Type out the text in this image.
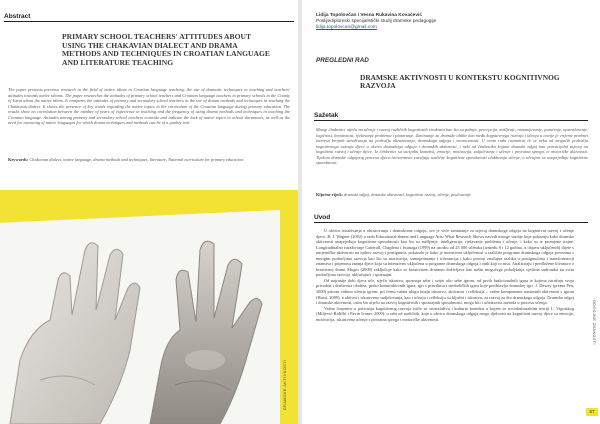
Abstract
PRIMARY SCHOOL TEACHERS' ATTITUDES ABOUT USING THE CHAKAVIAN DIALECT AND DRAMA METHODS AND TECHNIQUES IN CROATIAN LANGUAGE AND LITERATURE TEACHING
The paper presents previous research in the field of native idiom in Croatian language teaching, the use of dramatic techniques in teaching and teachers' attitudes towards native idioms. The paper researches the attitudes of primary school teachers and Croatian language teachers in primary schools in the County of Istria about the native idiom. It compares the attitudes of primary and secondary school teachers in the use of drama methods and techniques in teaching the Chakavian dialect. It shows the presence of key words regarding the native topics in the curriculum of the Croatian language during primary education. The results show no correlation between the number of years of experience in teaching and the frequency of using drama methods and techniques in teaching the Croatian language. Attitudes among primary and secondary school teachers coincide and indicate the lack of native topics in school documents, as well as the need for nurturing of native languages for which drama techniques and methods can be of a quality tool.
Keywords: Chakavian dialect, native language, drama methods and techniques, literature, National curriculum for primary education
DRAMSKE AKTIVNOSTI
Lidija Topolovčan i Vesna Rukavina Kovačević
Poslijediplomski specijalistički studij dramske pedagogije
lidija.topolovcan@gmail.com
PREGLEDNI RAD
DRAMSKE AKTIVNOSTI U KONTEKSTU KOGNITIVNOG RAZVOJA
Sažetak
Mnogi čimbenici utječu na učenje i razvoj različitih kognitivnih struktura kao što su pažnja, percepcija, mišljenje, razumijevanje, pamćenje, apstrahiranje, logičnost, kreativnost, rješavanje problema i planiranje. Zanimanje za dramske oblike kao među kognitivnoga razvoja i učenja u novije je vrijeme predmet interesa brojnih istraživanja na području obrazovanja, dramskoga odgoja i neurocznosti. U ovom radu razmatrat će se neka od mogućih područja kognitivnoga razvoja djece u okviru dramskoga odgoja i dramskih aktivnosti, i neki od čimbenika kojima dramski odgoj ima potencijalni utjecaj na kognitivni razvoj i učenje djece. Iz čimbenici su socijalni kontekst, emocije, motivacija, zaljučivanje i učenje i povratna sprega, te motoričke aktivnosti. Tijekom dramske odgojnog procesa djeca istovremeno razvijaju različite kognitivne sposobnosti olakšavaju učenje, a učenjem se unaprjeđuju kognitivne sposobnosti.
Ključne riječi: dramski odgoj, dramske aktivnosti, kognitivni razvoj, učenje, poučavanje
Uvod

U okviru istraživanja u obrazovanju i dramskome odgoju, sve je veće zanimanje za utjecaj dramskoga odgoja na kognitivni razvoj i učenje djece. B. J. Wagner (2002) u radu Educational drama and Language Arts: What Research Shows navodi mnoge studije koje pokazuju kako dramske aktivnosti unaprjeđuju kognitivne sposobnosti kao što su mišljenje, inteligencija, rješavanje problema i učenje, i kako su te promjene trajne. Longitudinalno istraživanje Catterall, Chapleau i Iwanaga (1999) na uzorku od 25 000 učenika (između 8 i 12 godina, u objavu uključenih) dijete s umjetničke aktivnosti na njihov razvoj i postignuća, pokazalo je kako je intenzivna uključenost u različite programe dramskoga odgoja povezana s mnogim područjima razvoja kao što su motivacija, samopoimanje i tolerancija i kako postoji značajna razlika u postignućima i transformaciji znanstva i prijenosu znanja djece koja su intenzivno uključena u programe dramskoga odgoja i onih koji to nisu. Analiziraju i predložene literature o kreativnoj drami Moges (2008) zaključuje kako se kreativnom dramom doživljava kao našin mogućega poboljšanja vještina sudionika na svim područjima razvoja, uključujući i spoznajni.

Od najranije dobi djeca uče, stječu iskustva, spoznaju sebe i svijet oko sebe igrom, od prvih funkcionalnih igara te kojima istražuju svoja privodna i društvena okolina, preko konstruktivnih igara, igri s pravilima i simboličkih igara koje predstavlja dramskoj igri. J. Dewey (prema Pen, 2009) pritom vidimo učenja igrom, pri čemu važnu ulogu imaju iskustvo, aktivnost i refleksija – važne komponente nastavnih aktivnosti s igrom (Hurst, 2009), a aktivni i iskustveno sudjelovanja, kao i učenju i refleksiju su ključni i iskustvu, za razvoj za dio dramskoga odgoja. Dramske odgoj i dramske aktivnosti, osim što utječu na razvoj kognitivnih i spoznajnih sposobnosti, mogu biti i učinkovita metoda u procesu učenja.

Važnu činjenicu u poticanju kognitivnog razvoja ističe su stvaralaštvu i kulturni kontekst u kojem se sociokulturalnim teoriji L. Vigotskog (Miljević-Riđički i Pavin Ivanec 2009), u sebi od različitih, koje u okviru dramskoga odgoja mogu djelovati na kognitivni razvoj djece su emocije, motivacija, iskustveno učenje s povratna sprega i motoričke aktivnosti.	ODGOJNE ZNANOSTI
57
